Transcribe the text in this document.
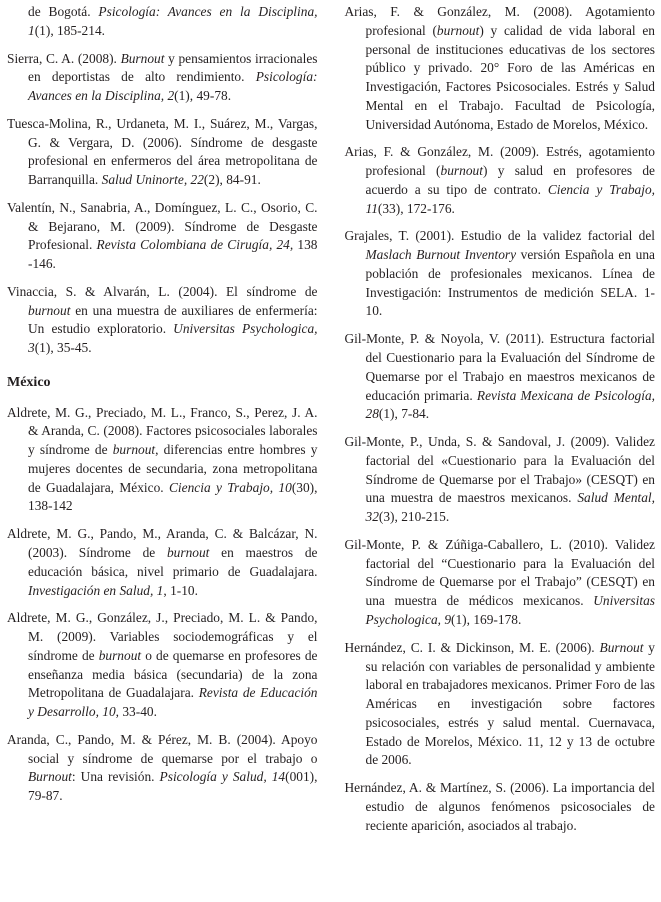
de Bogotá. Psicología: Avances en la Disciplina, 1(1), 185-214.

Sierra, C. A. (2008). Burnout y pensamientos irracionales en deportistas de alto rendimiento. Psicología: Avances en la Disciplina, 2(1), 49-78.

Tuesca-Molina, R., Urdaneta, M. I., Suárez, M., Vargas, G. & Vergara, D. (2006). Síndrome de desgaste profesional en enfermeros del área metropolitana de Barranquilla. Salud Uninorte, 22(2), 84-91.

Valentín, N., Sanabria, A., Domínguez, L. C., Osorio, C. & Bejarano, M. (2009). Síndrome de Desgaste Profesional. Revista Colombiana de Cirugía, 24, 138 -146.

Vinaccia, S. & Alvarán, L. (2004). El síndrome de burnout en una muestra de auxiliares de enfermería: Un estudio exploratorio. Universitas Psychologica, 3(1), 35-45.

México

Aldrete, M. G., Preciado, M. L., Franco, S., Perez, J. A. & Aranda, C. (2008). Factores psicosociales laborales y síndrome de burnout, diferencias entre hombres y mujeres docentes de secundaria, zona metropolitana de Guadalajara, México. Ciencia y Trabajo, 10(30), 138-142

Aldrete, M. G., Pando, M., Aranda, C. & Balcázar, N. (2003). Síndrome de burnout en maestros de educación básica, nivel primario de Guadalajara. Investigación en Salud, 1, 1-10.

Aldrete, M. G., González, J., Preciado, M. L. & Pando, M. (2009). Variables sociodemográficas y el síndrome de burnout o de quemarse en profesores de enseñanza media básica (secundaria) de la zona Metropolitana de Guadalajara. Revista de Educación y Desarrollo, 10, 33-40.

Aranda, C., Pando, M. & Pérez, M. B. (2004). Apoyo social y síndrome de quemarse por el trabajo o Burnout: Una revisión. Psicología y Salud, 14(001), 79-87.

Arias, F. & González, M. (2008). Agotamiento profesional (burnout) y calidad de vida laboral en personal de instituciones educativas de los sectores público y privado. 20° Foro de las Américas en Investigación, Factores Psicosociales. Estrés y Salud Mental en el Trabajo. Facultad de Psicología, Universidad Autónoma, Estado de Morelos, México.

Arias, F. & González, M. (2009). Estrés, agotamiento profesional (burnout) y salud en profesores de acuerdo a su tipo de contrato. Ciencia y Trabajo, 11(33), 172-176.

Grajales, T. (2001). Estudio de la validez factorial del Maslach Burnout Inventory versión Española en una población de profesionales mexicanos. Línea de Investigación: Instrumentos de medición SELA. 1-10.

Gil-Monte, P. & Noyola, V. (2011). Estructura factorial del Cuestionario para la Evaluación del Síndrome de Quemarse por el Trabajo en maestros mexicanos de educación primaria. Revista Mexicana de Psicología, 28(1), 7-84.

Gil-Monte, P., Unda, S. & Sandoval, J. (2009). Validez factorial del «Cuestionario para la Evaluación del Síndrome de Quemarse por el Trabajo» (CESQT) en una muestra de maestros mexicanos. Salud Mental, 32(3), 210-215.

Gil-Monte, P. & Zúñiga-Caballero, L. (2010). Validez factorial del “Cuestionario para la Evaluación del Síndrome de Quemarse por el Trabajo” (CESQT) en una muestra de médicos mexicanos. Universitas Psychologica, 9(1), 169-178.

Hernández, C. I. & Dickinson, M. E. (2006). Burnout y su relación con variables de personalidad y ambiente laboral en trabajadores mexicanos. Primer Foro de las Américas en investigación sobre factores psicosociales, estrés y salud mental. Cuernavaca, Estado de Morelos, México. 11, 12 y 13 de octubre de 2006.

Hernández, A. & Martínez, S. (2006). La importancia del estudio de algunos fenómenos psicosociales de reciente aparición, asociados al trabajo.
